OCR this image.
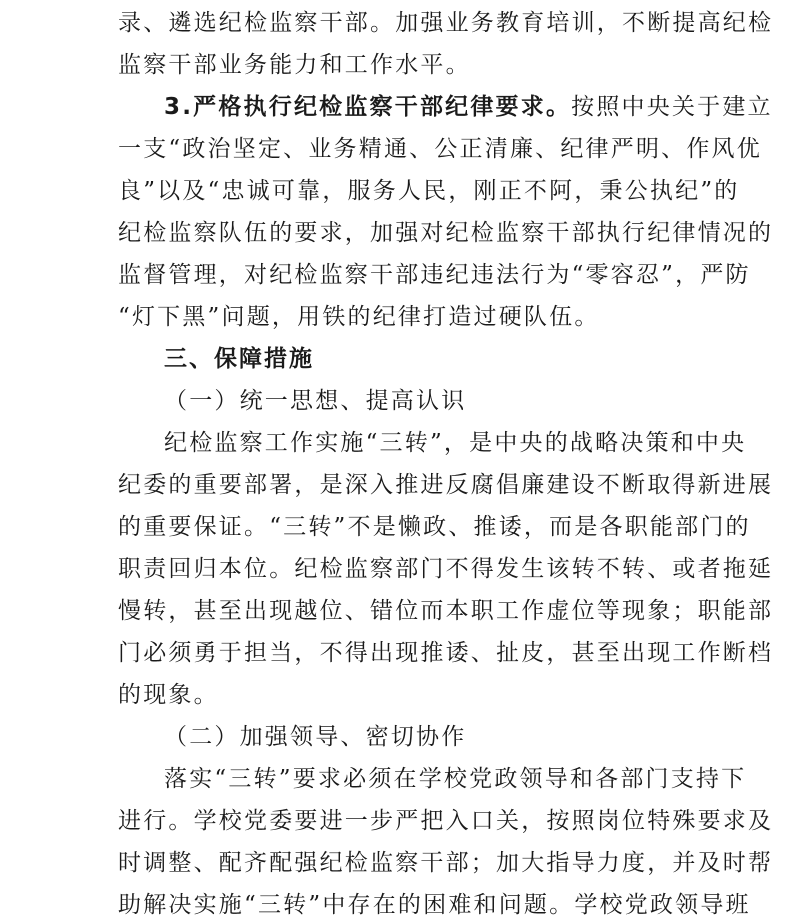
录、遴选纪检监察干部。加强业务教育培训，不断提高纪检

监察干部业务能力和工作水平。

3.严格执行纪检监察干部纪律要求。按照中央关于建立

一支“政治坚定、业务精通、公正清廉、纪律严明、作风优

良”以及“忠诚可靠，服务人民，刚正不阿，秉公执纪”的

纪检监察队伍的要求，加强对纪检监察干部执行纪律情况的

监督管理，对纪检监察干部违纪违法行为“零容忍”，严防

“灯下黑”问题，用铁的纪律打造过硬队伍。

三、保障措施

（一）统一思想、提高认识

纪检监察工作实施“三转”，是中央的战略决策和中央

纪委的重要部署，是深入推进反腐倡廉建设不断取得新进展

的重要保证。“三转”不是懒政、推诿，而是各职能部门的

职责回归本位。纪检监察部门不得发生该转不转、或者拖延

慢转，甚至出现越位、错位而本职工作虚位等现象；职能部

门必须勇于担当，不得出现推诿、扯皮，甚至出现工作断档

的现象。

（二）加强领导、密切协作

落实“三转”要求必须在学校党政领导和各部门支持下

进行。学校党委要进一步严把入口关，按照岗位特殊要求及

时调整、配齐配强纪检监察干部；加大指导力度，并及时帮

助解决实施“三转”中存在的困难和问题。学校党政领导班
